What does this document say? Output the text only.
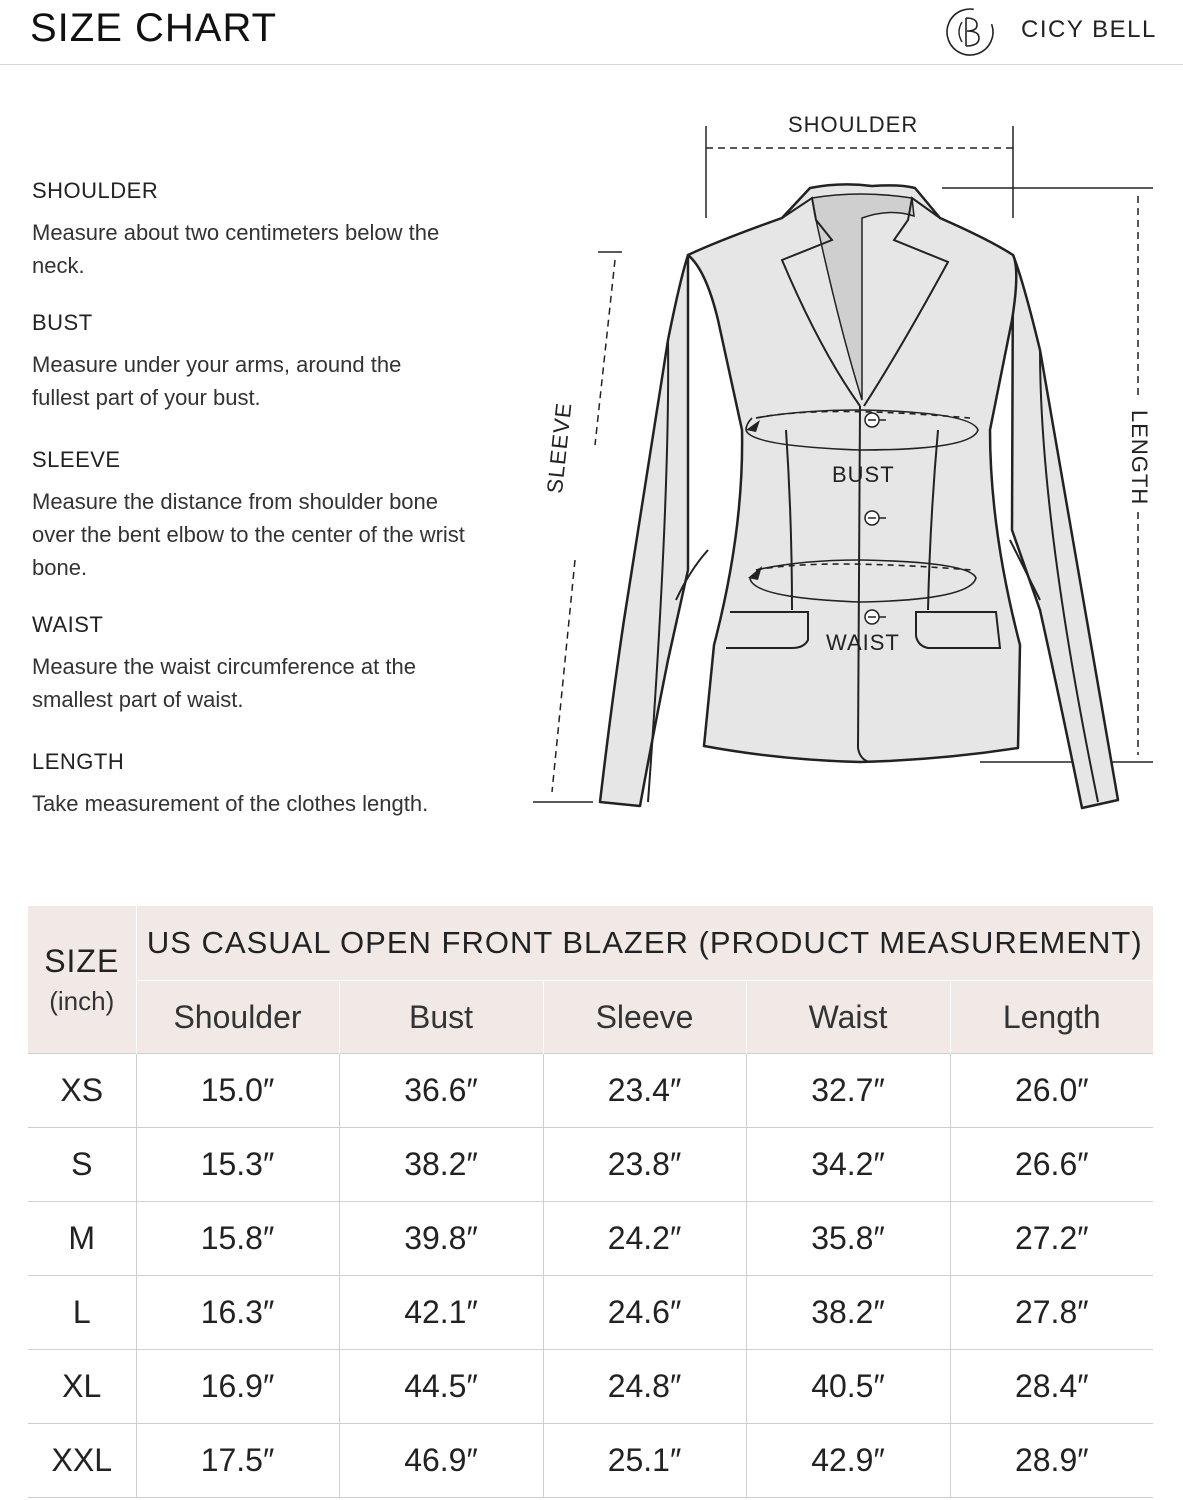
SIZE CHART	CICY BELL
SHOULDER
Measure about two centimeters below the neck.
BUST
Measure under your arms, around the fullest part of your bust.
SLEEVE
Measure the distance from shoulder bone over the bent elbow to the center of the wrist bone.
WAIST
Measure the waist circumference at the smallest part of waist.
LENGTH
Take measurement of the clothes length.
SHOULDER
BUST
WAIST
SLEEVE	LENGTH
SIZE
(inch)	US CASUAL OPEN FRONT BLAZER (PRODUCT MEASUREMENT)				
	Shoulder	Bust	Sleeve	Waist	Length
XS	15.0″	36.6″	23.4″	32.7″	26.0″
S	15.3″	38.2″	23.8″	34.2″	26.6″
M	15.8″	39.8″	24.2″	35.8″	27.2″
L	16.3″	42.1″	24.6″	38.2″	27.8″
XL	16.9″	44.5″	24.8″	40.5″	28.4″
XXL	17.5″	46.9″	25.1″	42.9″	28.9″
